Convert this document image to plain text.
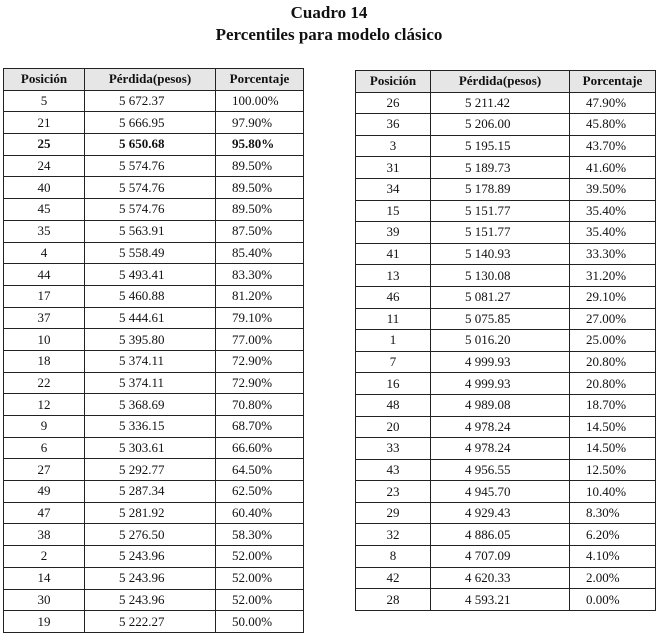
Cuadro 14
Percentiles para modelo clásico
Posición	Pérdida(pesos)	Porcentaje
5	5 672.37	100.00%
21	5 666.95	97.90%
25	5 650.68	95.80%
24	5 574.76	89.50%
40	5 574.76	89.50%
45	5 574.76	89.50%
35	5 563.91	87.50%
4	5 558.49	85.40%
44	5 493.41	83.30%
17	5 460.88	81.20%
37	5 444.61	79.10%
10	5 395.80	77.00%
18	5 374.11	72.90%
22	5 374.11	72.90%
12	5 368.69	70.80%
9	5 336.15	68.70%
6	5 303.61	66.60%
27	5 292.77	64.50%
49	5 287.34	62.50%
47	5 281.92	60.40%
38	5 276.50	58.30%
2	5 243.96	52.00%
14	5 243.96	52.00%
30	5 243.96	52.00%
19	5 222.27	50.00%
Posición	Pérdida(pesos)	Porcentaje
26	5 211.42	47.90%
36	5 206.00	45.80%
3	5 195.15	43.70%
31	5 189.73	41.60%
34	5 178.89	39.50%
15	5 151.77	35.40%
39	5 151.77	35.40%
41	5 140.93	33.30%
13	5 130.08	31.20%
46	5 081.27	29.10%
11	5 075.85	27.00%
1	5 016.20	25.00%
7	4 999.93	20.80%
16	4 999.93	20.80%
48	4 989.08	18.70%
20	4 978.24	14.50%
33	4 978.24	14.50%
43	4 956.55	12.50%
23	4 945.70	10.40%
29	4 929.43	8.30%
32	4 886.05	6.20%
8	4 707.09	4.10%
42	4 620.33	2.00%
28	4 593.21	0.00%
